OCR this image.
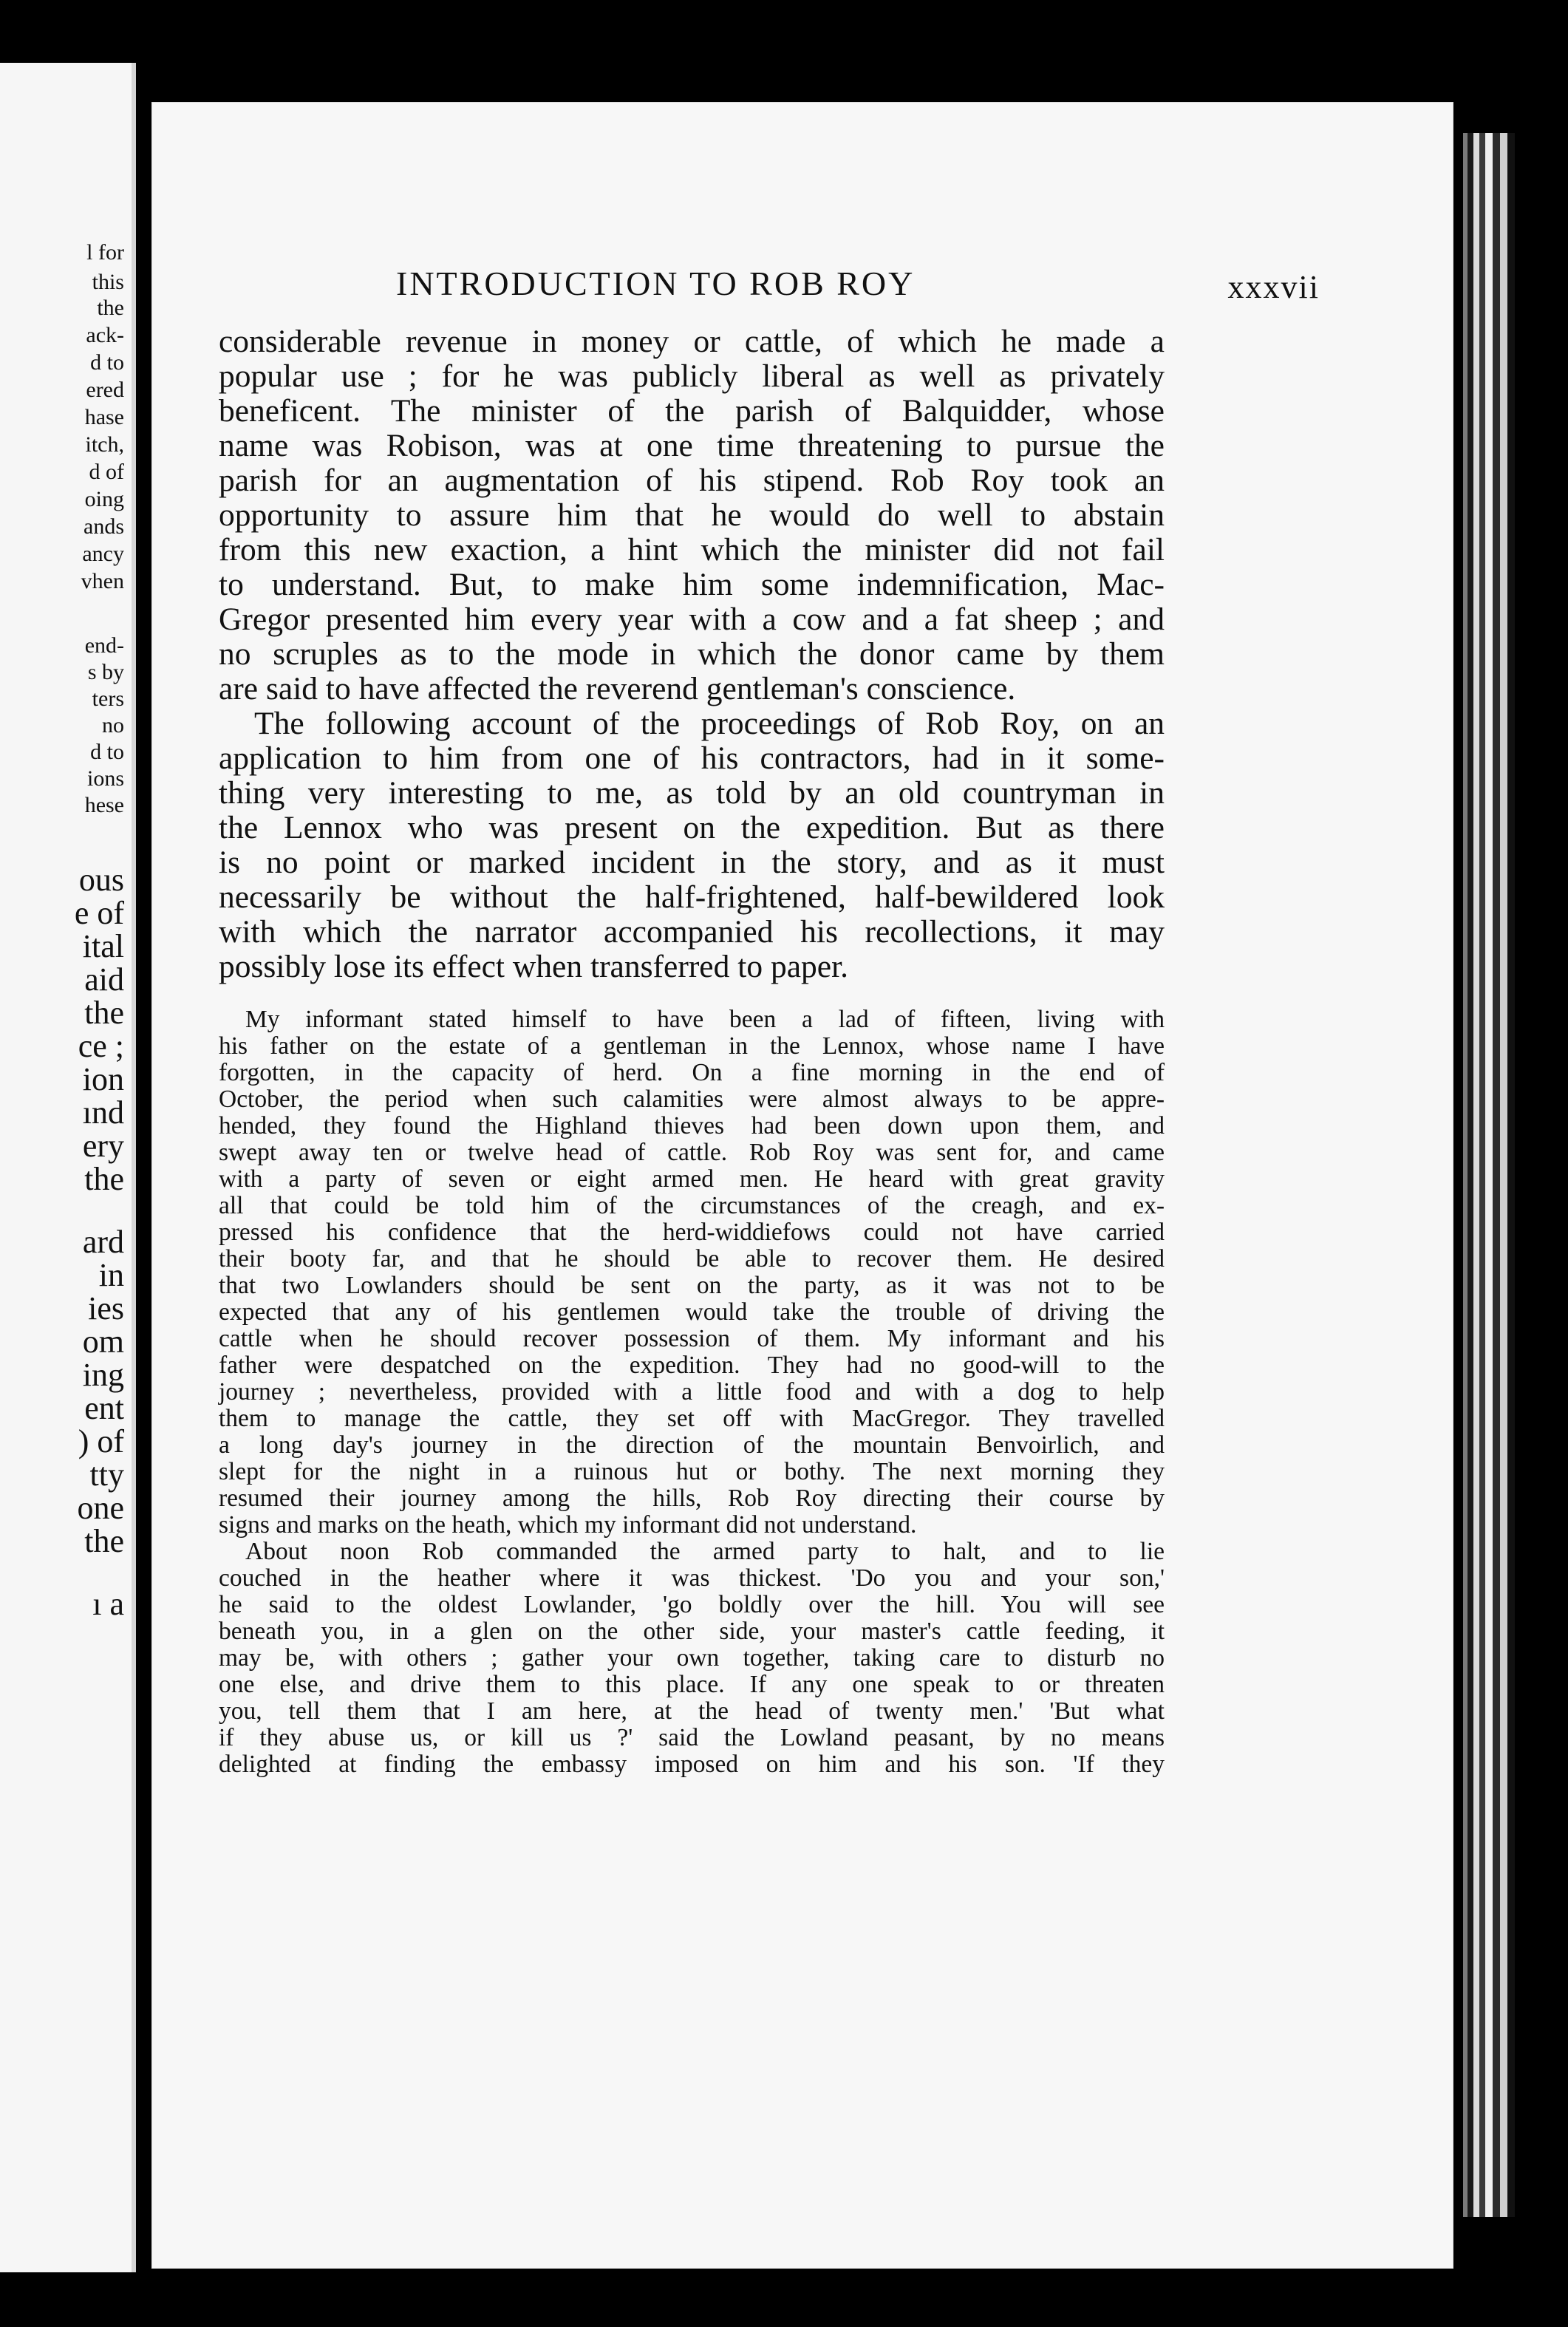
l for
this
the
ack-
d to
ered
hase
itch,
d of
oing
ands
ancy
vhen
end-
s by
ters
no
d to
ions
hese
ous
e of
ital
aid
the
ce ;
ion
ınd
ery
the
ard
in
ies
om
ing
ent
) of
tty
one
the
ı a
INTRODUCTION TO ROB ROY	xxxvii
considerable revenue in money or cattle, of which he made a
popular use ; for he was publicly liberal as well as privately
beneficent. The minister of the parish of Balquidder, whose
name was Robison, was at one time threatening to pursue the
parish for an augmentation of his stipend. Rob Roy took an
opportunity to assure him that he would do well to abstain
from this new exaction, a hint which the minister did not fail
to understand. But, to make him some indemnification, Mac-
Gregor presented him every year with a cow and a fat sheep ; and
no scruples as to the mode in which the donor came by them
are said to have affected the reverend gentleman's conscience.
The following account of the proceedings of Rob Roy, on an
application to him from one of his contractors, had in it some-
thing very interesting to me, as told by an old countryman in
the Lennox who was present on the expedition. But as there
is no point or marked incident in the story, and as it must
necessarily be without the half-frightened, half-bewildered look
with which the narrator accompanied his recollections, it may
possibly lose its effect when transferred to paper.
My informant stated himself to have been a lad of fifteen, living with
his father on the estate of a gentleman in the Lennox, whose name I have
forgotten, in the capacity of herd. On a fine morning in the end of
October, the period when such calamities were almost always to be appre-
hended, they found the Highland thieves had been down upon them, and
swept away ten or twelve head of cattle. Rob Roy was sent for, and came
with a party of seven or eight armed men. He heard with great gravity
all that could be told him of the circumstances of the creagh, and ex-
pressed his confidence that the herd-widdiefows could not have carried
their booty far, and that he should be able to recover them. He desired
that two Lowlanders should be sent on the party, as it was not to be
expected that any of his gentlemen would take the trouble of driving the
cattle when he should recover possession of them. My informant and his
father were despatched on the expedition. They had no good-will to the
journey ; nevertheless, provided with a little food and with a dog to help
them to manage the cattle, they set off with MacGregor. They travelled
a long day's journey in the direction of the mountain Benvoirlich, and
slept for the night in a ruinous hut or bothy. The next morning they
resumed their journey among the hills, Rob Roy directing their course by
signs and marks on the heath, which my informant did not understand.
About noon Rob commanded the armed party to halt, and to lie
couched in the heather where it was thickest. 'Do you and your son,'
he said to the oldest Lowlander, 'go boldly over the hill. You will see
beneath you, in a glen on the other side, your master's cattle feeding, it
may be, with others ; gather your own together, taking care to disturb no
one else, and drive them to this place. If any one speak to or threaten
you, tell them that I am here, at the head of twenty men.' 'But what
if they abuse us, or kill us ?' said the Lowland peasant, by no means
delighted at finding the embassy imposed on him and his son. 'If they
